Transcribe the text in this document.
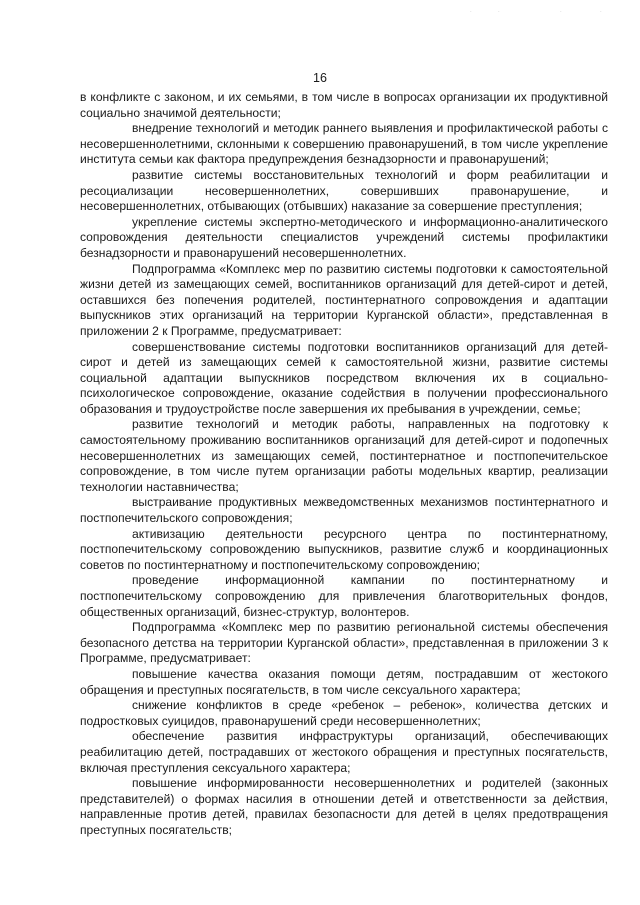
.	.	.	.
16

в конфликте с законом, и их семьями, в том числе в вопросах организации их продуктивной социально значимой деятельности;

внедрение технологий и методик раннего выявления и профилактической работы с несовершеннолетними, склонными к совершению правонарушений, в том числе укрепление института семьи как фактора предупреждения безнадзорности и правонарушений;

развитие системы восстановительных технологий и форм реабилитации и ресоциализации несовершеннолетних, совершивших правонарушение, и несовершеннолетних, отбывающих (отбывших) наказание за совершение преступления;

укрепление системы экспертно-методического и информационно-аналитического сопровождения деятельности специалистов учреждений системы профилактики безнадзорности и правонарушений несовершеннолетних.

Подпрограмма «Комплекс мер по развитию системы подготовки к самостоятельной жизни детей из замещающих семей, воспитанников организаций для детей-сирот и детей, оставшихся без попечения родителей, постинтернатного сопровождения и адаптации выпускников этих организаций на территории Курганской области», представленная в приложении 2 к Программе, предусматривает:

совершенствование системы подготовки воспитанников организаций для детей-сирот и детей из замещающих семей к самостоятельной жизни, развитие системы социальной адаптации выпускников посредством включения их в социально-психологическое сопровождение, оказание содействия в получении профессионального образования и трудоустройстве после завершения их пребывания в учреждении, семье;

развитие технологий и методик работы, направленных на подготовку к самостоятельному проживанию воспитанников организаций для детей-сирот и подопечных несовершеннолетних из замещающих семей, постинтернатное и постпопечительское сопровождение, в том числе путем организации работы модельных квартир, реализации технологии наставничества;

выстраивание продуктивных межведомственных механизмов постинтернатного и постпопечительского сопровождения;

активизацию деятельности ресурсного центра по постинтернатному, постпопечительскому сопровождению выпускников, развитие служб и координационных советов по постинтернатному и постпопечительскому сопровождению;

проведение информационной кампании по постинтернатному и постпопечительскому сопровождению для привлечения благотворительных фондов, общественных организаций, бизнес-структур, волонтеров.

Подпрограмма «Комплекс мер по развитию региональной системы обеспечения безопасного детства на территории Курганской области», представленная в приложении 3 к Программе, предусматривает:

повышение качества оказания помощи детям, пострадавшим от жестокого обращения и преступных посягательств, в том числе сексуального характера;

снижение конфликтов в среде «ребенок – ребенок», количества детских и подростковых суицидов, правонарушений среди несовершеннолетних;

обеспечение развития инфраструктуры организаций, обеспечивающих реабилитацию детей, пострадавших от жестокого обращения и преступных посягательств, включая преступления сексуального характера;

повышение информированности несовершеннолетних и родителей (законных представителей) о формах насилия в отношении детей и ответственности за действия, направленные против детей, правилах безопасности для детей в целях предотвращения преступных посягательств;
